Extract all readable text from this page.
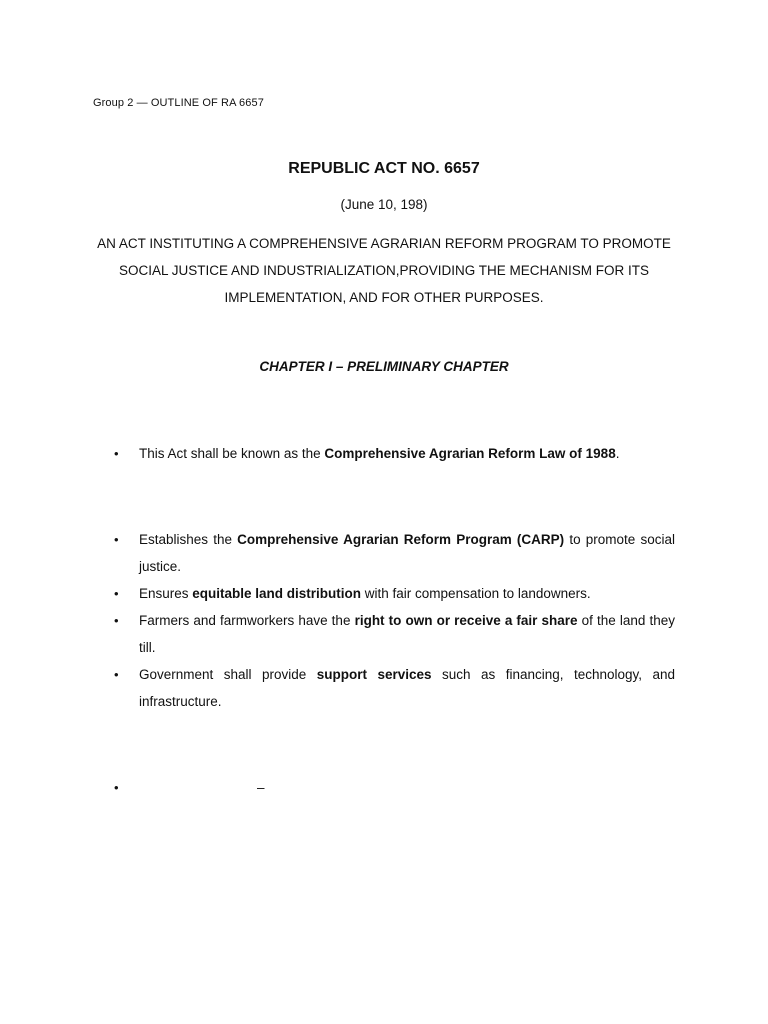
Group 2 — OUTLINE OF RA 6657
REPUBLIC ACT NO. 6657
(June 10, 198)
AN ACT INSTITUTING A COMPREHENSIVE AGRARIAN REFORM PROGRAM TO PROMOTE
SOCIAL JUSTICE AND INDUSTRIALIZATION,PROVIDING THE MECHANISM FOR ITS
IMPLEMENTATION, AND FOR OTHER PURPOSES.
CHAPTER I – PRELIMINARY CHAPTER
•	This Act shall be known as the Comprehensive Agrarian Reform Law of 1988.
•	Establishes the Comprehensive Agrarian Reform Program (CARP) to promote social justice.
•	Ensures equitable land distribution with fair compensation to landowners.
•	Farmers and farmworkers have the right to own or receive a fair share of the land they till.
•	Government shall provide support services such as financing, technology, and infrastructure.
•	–
